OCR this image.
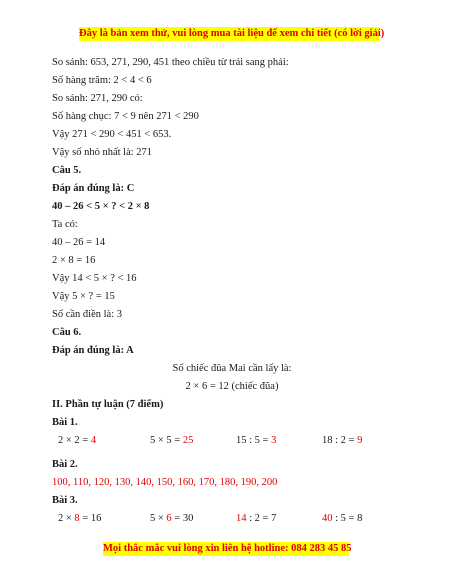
Đây là bản xem thử, vui lòng mua tài liệu để xem chi tiết (có lời giải)
So sánh: 653, 271, 290, 451 theo chiều từ trái sang phải:
Số hàng trăm: 2 < 4 < 6
So sánh: 271, 290 có:
Số hàng chục: 7 < 9 nên 271 < 290
Vậy 271 < 290 < 451 < 653.
Vậy số nhỏ nhất là: 271
Câu 5.
Đáp án đúng là: C
40 – 26 < 5 × ? < 2 × 8
Ta có:
40 – 26 = 14
2 × 8 = 16
Vậy 14 < 5 × ? < 16
Vậy 5 × ? = 15
Số cần điền là: 3
Câu 6.
Đáp án đúng là: A
Số chiếc đũa Mai cần lấy là:
2 × 6 = 12 (chiếc đũa)
II. Phần tự luận (7 điểm)
Bài 1.
2 × 2 = 4	5 × 5 = 25	15 : 5 = 3	18 : 2 = 9
Bài 2.
100, 110, 120, 130, 140, 150, 160, 170, 180, 190, 200
Bài 3.
2 × 8 = 16	5 × 6 = 30	14 : 2 = 7	40 : 5 = 8
Mọi thắc mắc vui lòng xin liên hệ hotline: 084 283 45 85
